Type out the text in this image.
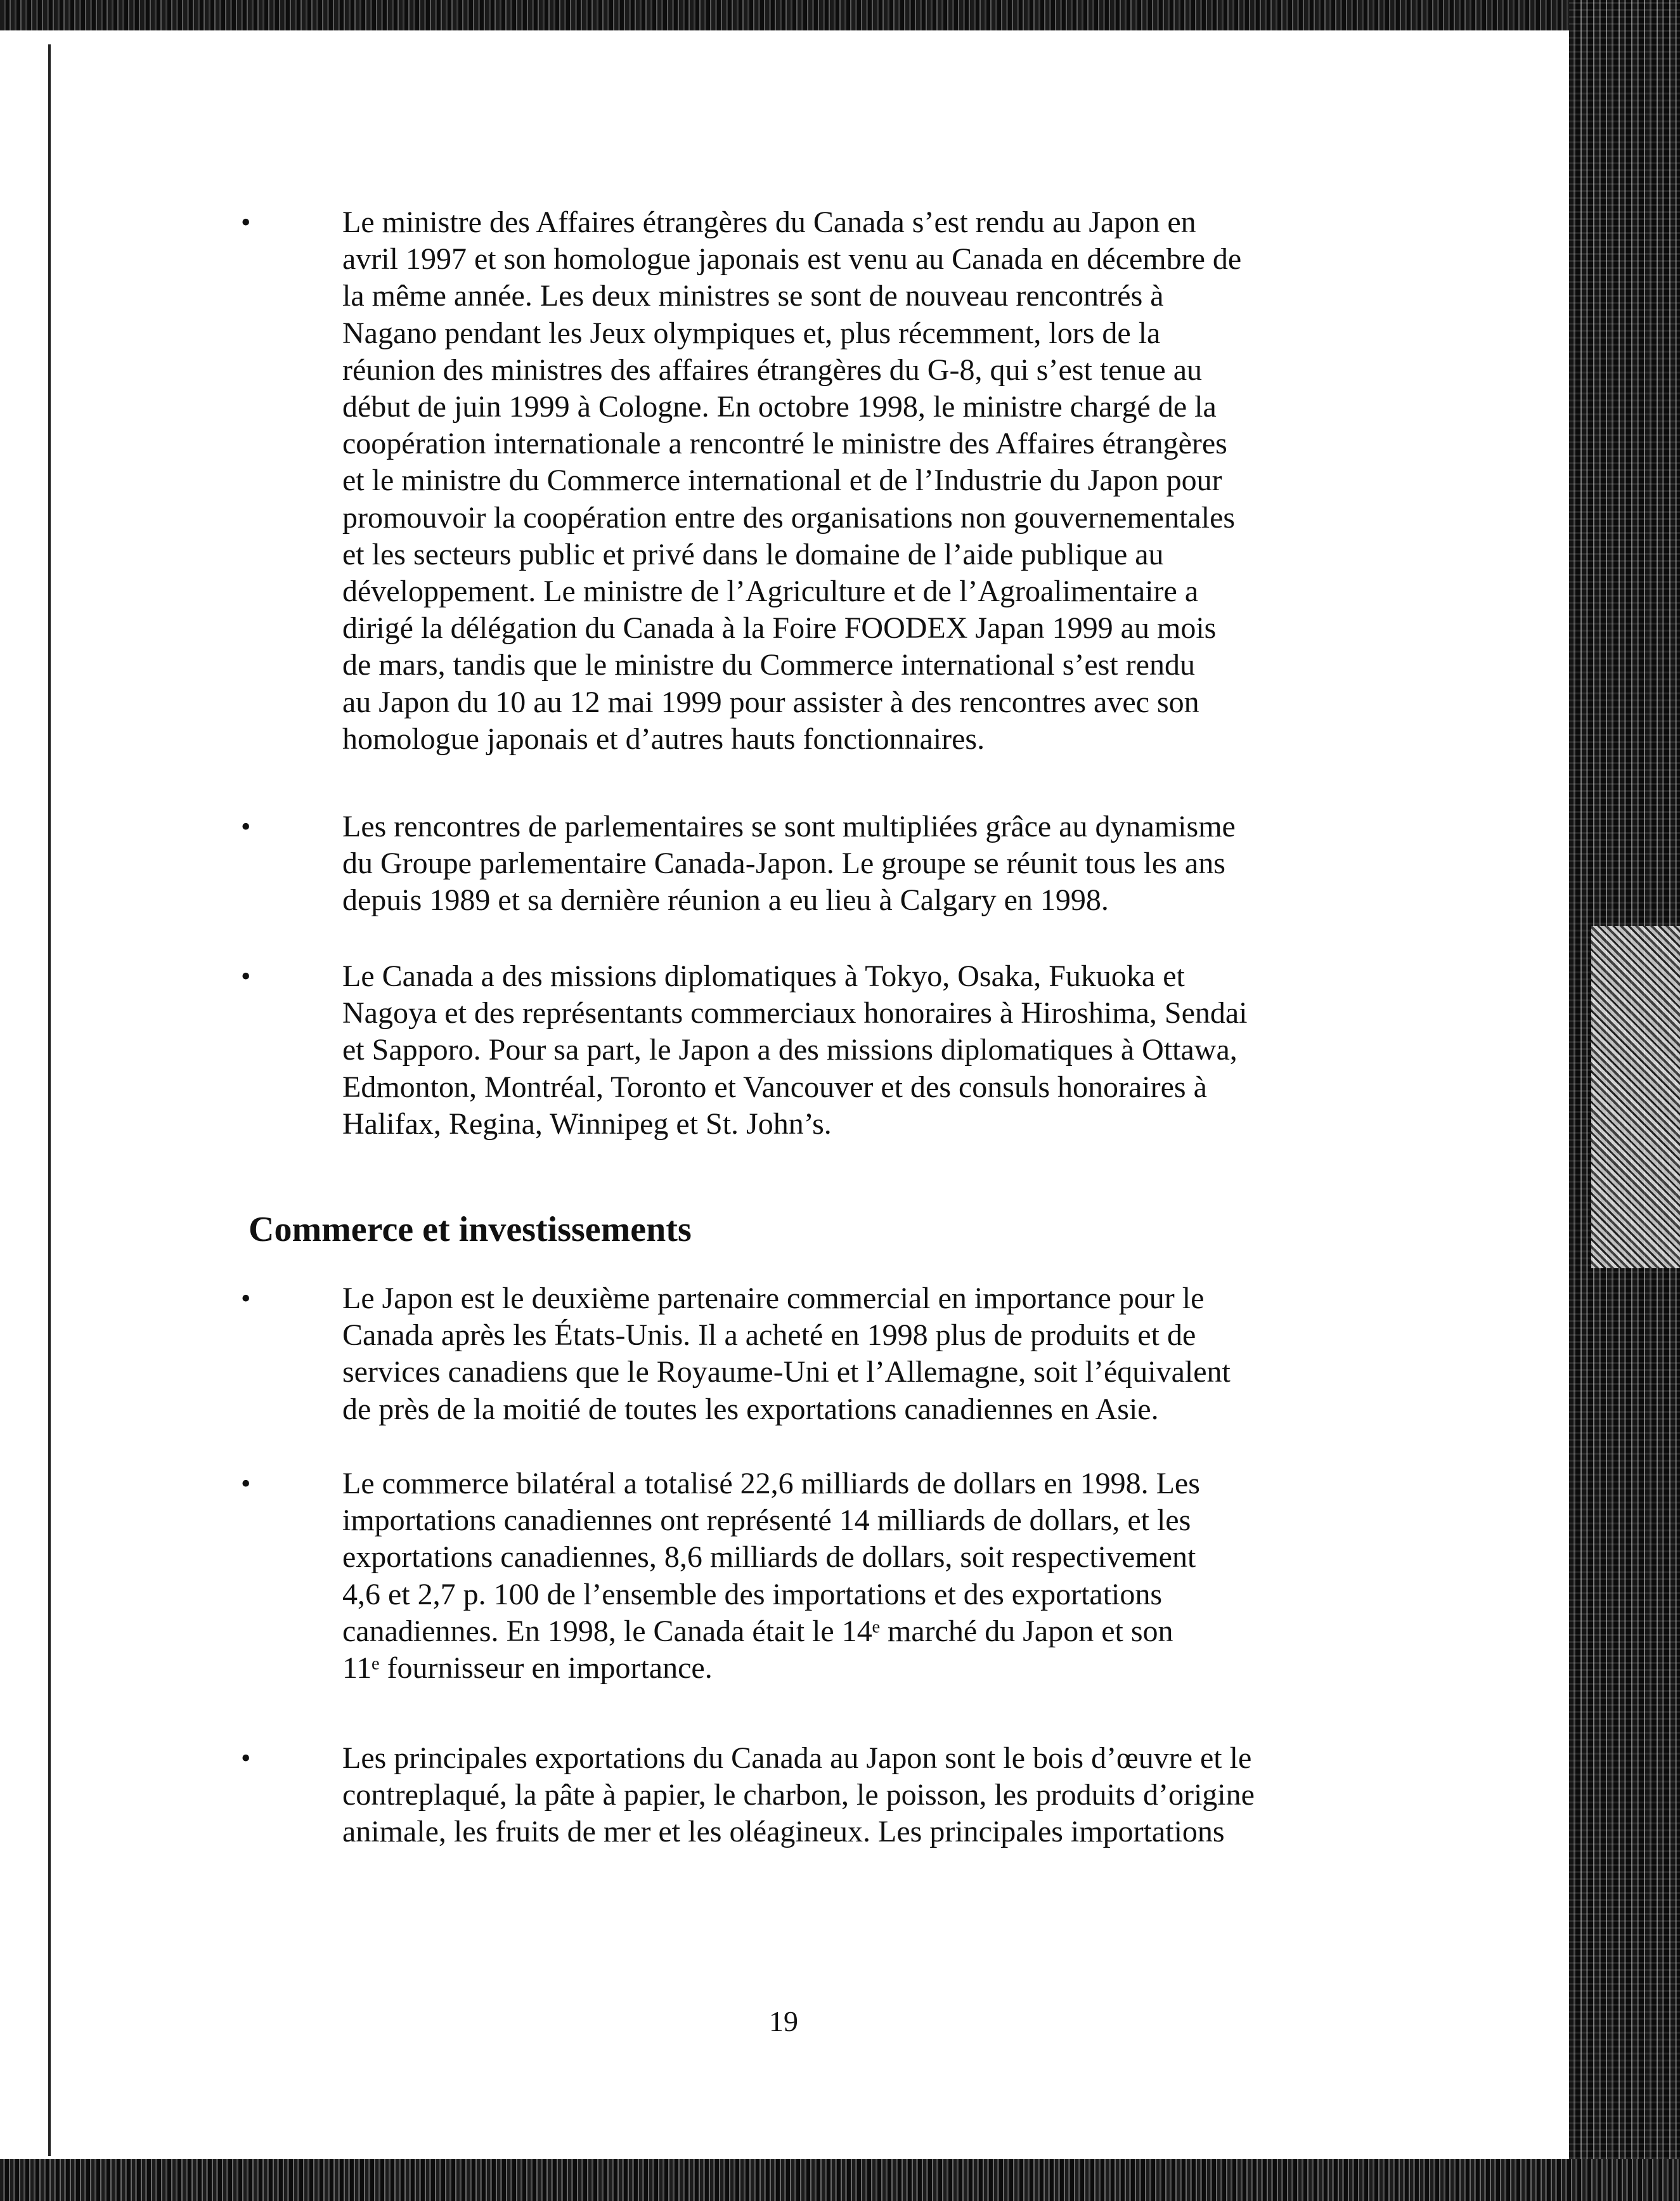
•	Le ministre des Affaires étrangères du Canada s’est rendu au Japon en
avril 1997 et son homologue japonais est venu au Canada en décembre de
la même année. Les deux ministres se sont de nouveau rencontrés à
Nagano pendant les Jeux olympiques et, plus récemment, lors de la
réunion des ministres des affaires étrangères du G-8, qui s’est tenue au
début de juin 1999 à Cologne. En octobre 1998, le ministre chargé de la
coopération internationale a rencontré le ministre des Affaires étrangères
et le ministre du Commerce international et de l’Industrie du Japon pour
promouvoir la coopération entre des organisations non gouvernementales
et les secteurs public et privé dans le domaine de l’aide publique au
développement. Le ministre de l’Agriculture et de l’Agroalimentaire a
dirigé la délégation du Canada à la Foire FOODEX Japan 1999 au mois
de mars, tandis que le ministre du Commerce international s’est rendu
au Japon du 10 au 12 mai 1999 pour assister à des rencontres avec son
homologue japonais et d’autres hauts fonctionnaires.
•	Les rencontres de parlementaires se sont multipliées grâce au dynamisme
du Groupe parlementaire Canada-Japon. Le groupe se réunit tous les ans
depuis 1989 et sa dernière réunion a eu lieu à Calgary en 1998.
•	Le Canada a des missions diplomatiques à Tokyo, Osaka, Fukuoka et
Nagoya et des représentants commerciaux honoraires à Hiroshima, Sendai
et Sapporo. Pour sa part, le Japon a des missions diplomatiques à Ottawa,
Edmonton, Montréal, Toronto et Vancouver et des consuls honoraires à
Halifax, Regina, Winnipeg et St. John’s.
Commerce et investissements
•	Le Japon est le deuxième partenaire commercial en importance pour le
Canada après les États-Unis. Il a acheté en 1998 plus de produits et de
services canadiens que le Royaume-Uni et l’Allemagne, soit l’équivalent
de près de la moitié de toutes les exportations canadiennes en Asie.
•	Le commerce bilatéral a totalisé 22,6 milliards de dollars en 1998. Les
importations canadiennes ont représenté 14 milliards de dollars, et les
exportations canadiennes, 8,6 milliards de dollars, soit respectivement
4,6 et 2,7 p. 100 de l’ensemble des importations et des exportations
canadiennes. En 1998, le Canada était le 14ᵉ marché du Japon et son
11ᵉ fournisseur en importance.
•	Les principales exportations du Canada au Japon sont le bois d’œuvre et le
contreplaqué, la pâte à papier, le charbon, le poisson, les produits d’origine
animale, les fruits de mer et les oléagineux. Les principales importations
19
